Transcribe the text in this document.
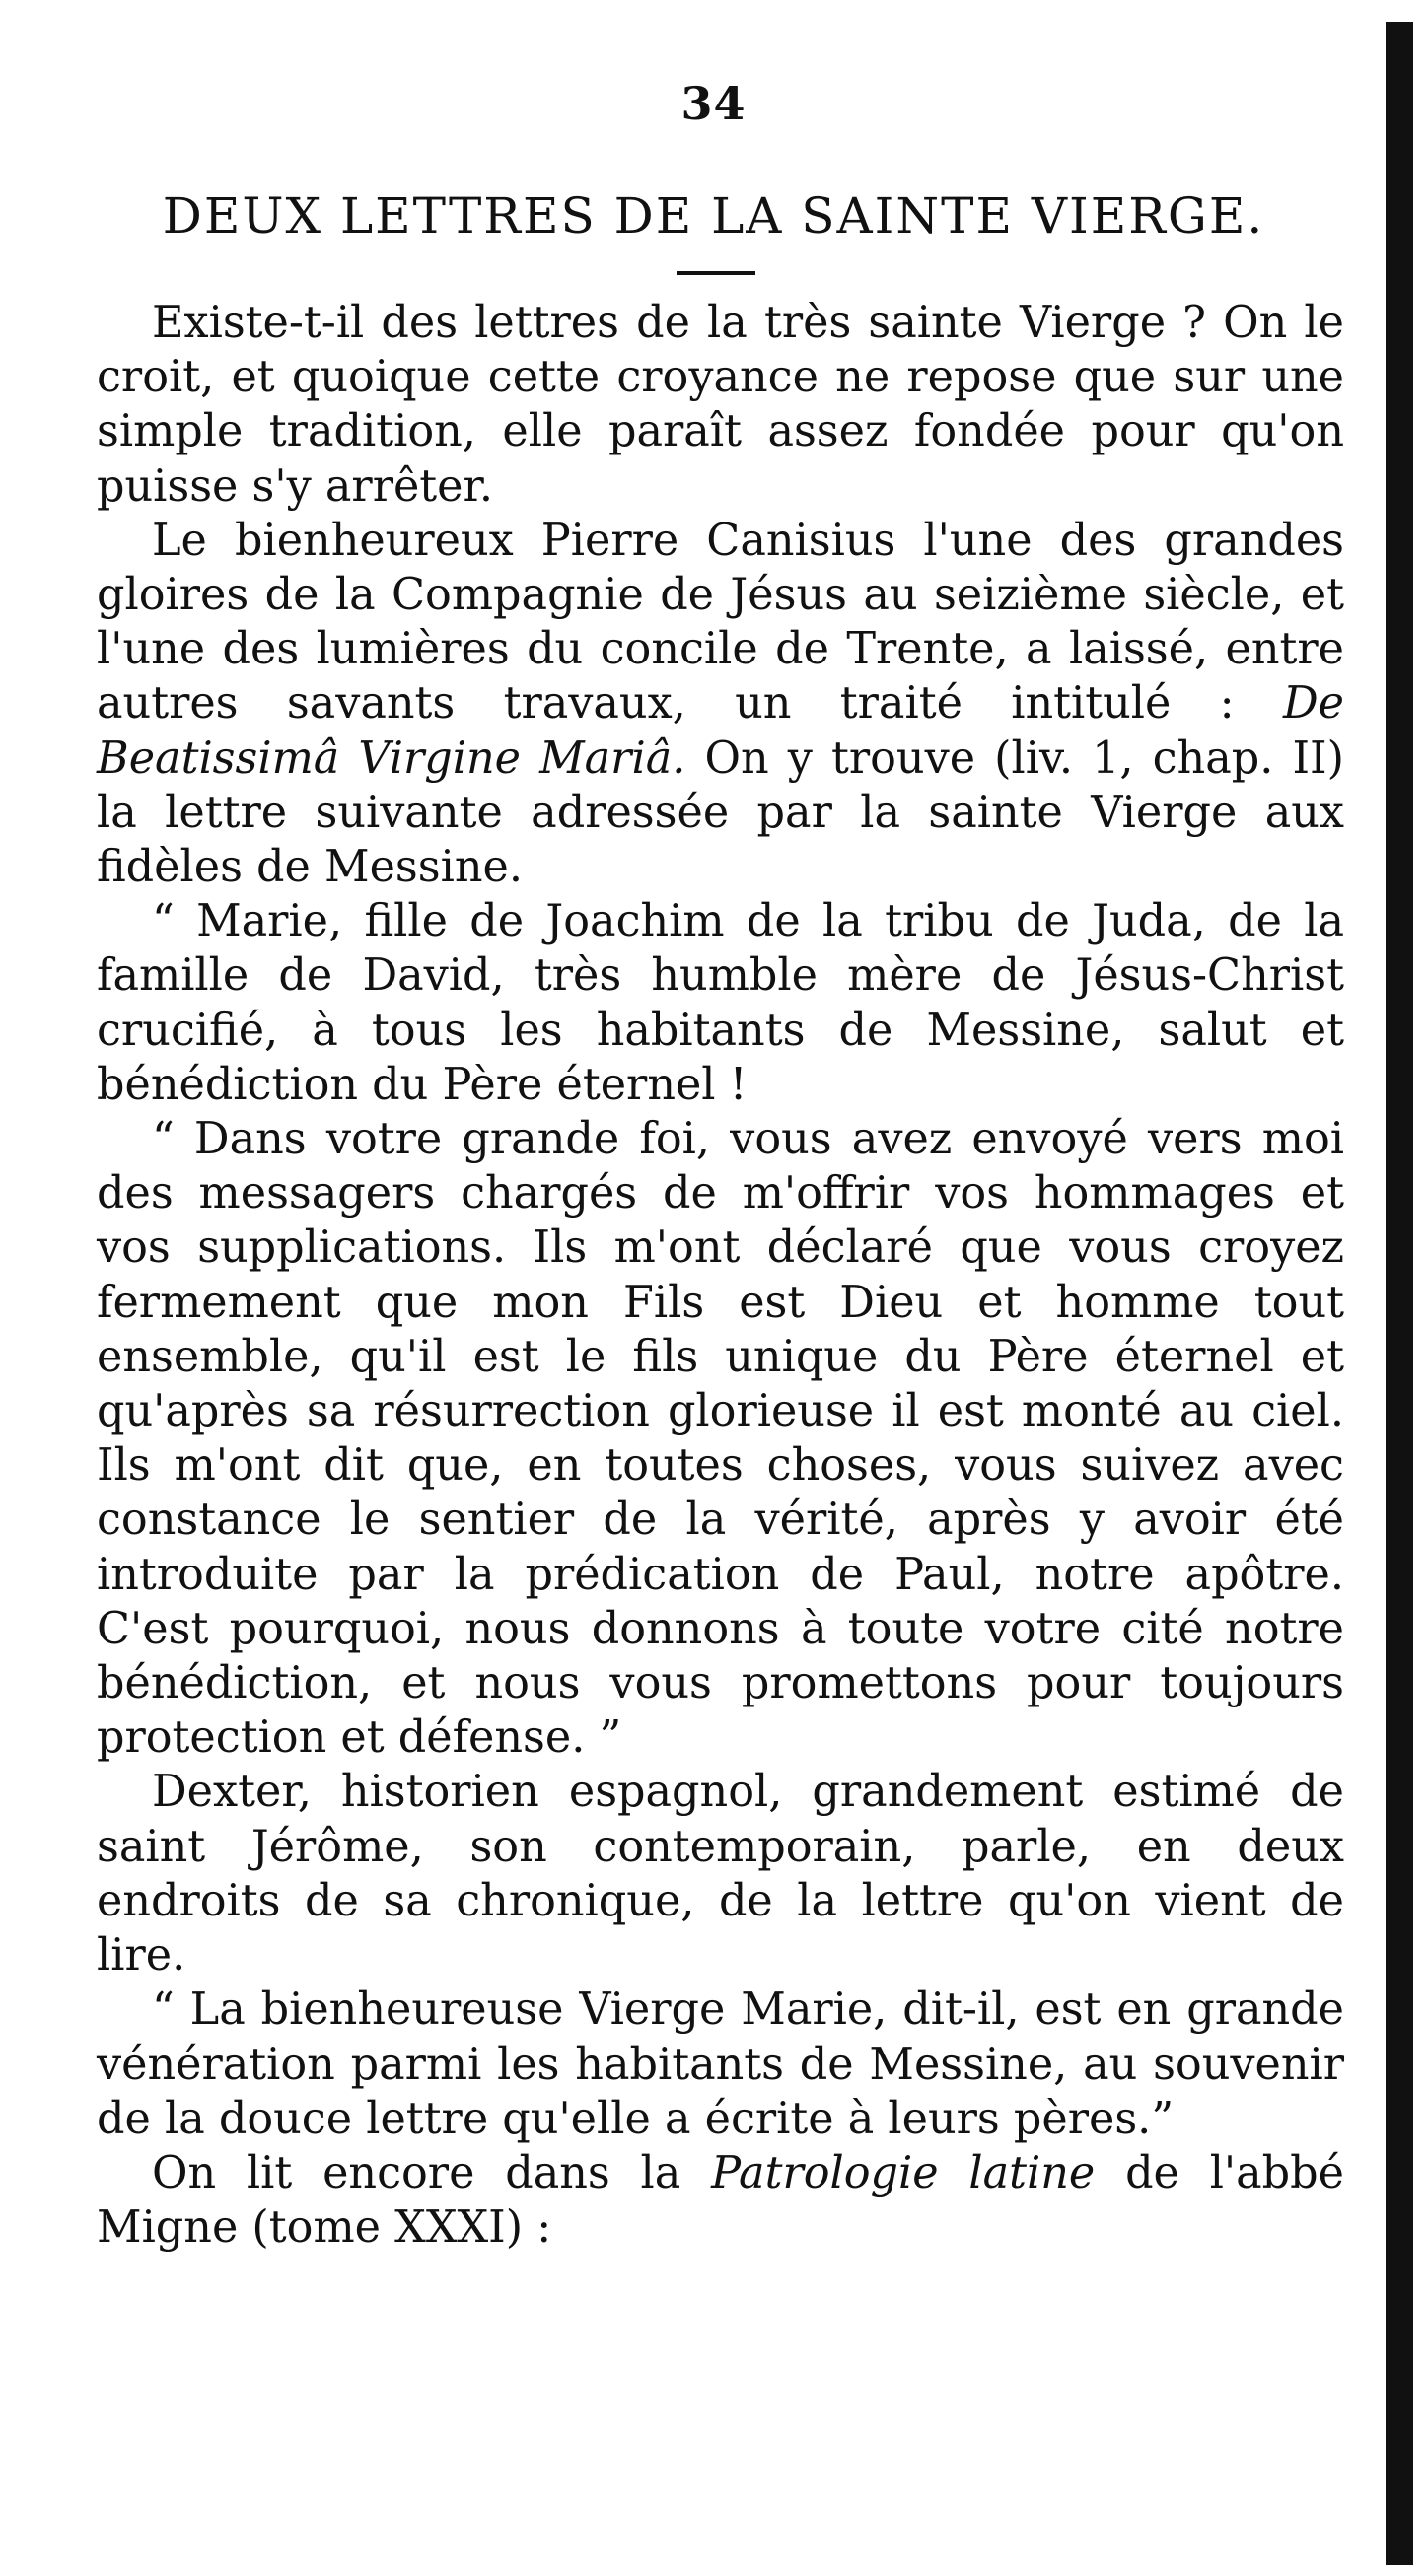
34
DEUX LETTRES DE LA SAINTE VIERGE.

Existe-t-il des lettres de la très sainte Vierge ? On le croit, et quoique cette croyance ne repose que sur une simple tradition, elle paraît assez fondée pour qu'on puisse s'y arrêter.

Le bienheureux Pierre Canisius l'une des grandes gloires de la Compagnie de Jésus au seizième siècle, et l'une des lumières du concile de Trente, a laissé, entre autres savants travaux, un traité intitulé : De Beatissimâ Virgine Mariâ. On y trouve (liv. 1, chap. II) la lettre suivante adressée par la sainte Vierge aux fidèles de Messine.

“ Marie, fille de Joachim de la tribu de Juda, de la famille de David, très humble mère de Jésus-Christ crucifié, à tous les habitants de Messine, salut et bénédiction du Père éternel !

“ Dans votre grande foi, vous avez envoyé vers moi des messagers chargés de m'offrir vos hommages et vos supplications. Ils m'ont déclaré que vous croyez fermement que mon Fils est Dieu et homme tout ensemble, qu'il est le fils unique du Père éternel et qu'après sa résurrection glorieuse il est monté au ciel. Ils m'ont dit que, en toutes choses, vous suivez avec constance le sentier de la vérité, après y avoir été introduite par la prédication de Paul, notre apôtre. C'est pourquoi, nous donnons à toute votre cité notre bénédiction, et nous vous promettons pour toujours protection et défense. ”

Dexter, historien espagnol, grandement estimé de saint Jérôme, son contemporain, parle, en deux endroits de sa chronique, de la lettre qu'on vient de lire.

“ La bienheureuse Vierge Marie, dit-il, est en grande vénération parmi les habitants de Messine, au souvenir de la douce lettre qu'elle a écrite à leurs pères.”

On lit encore dans la Patrologie latine de l'abbé Migne (tome XXXI) :
